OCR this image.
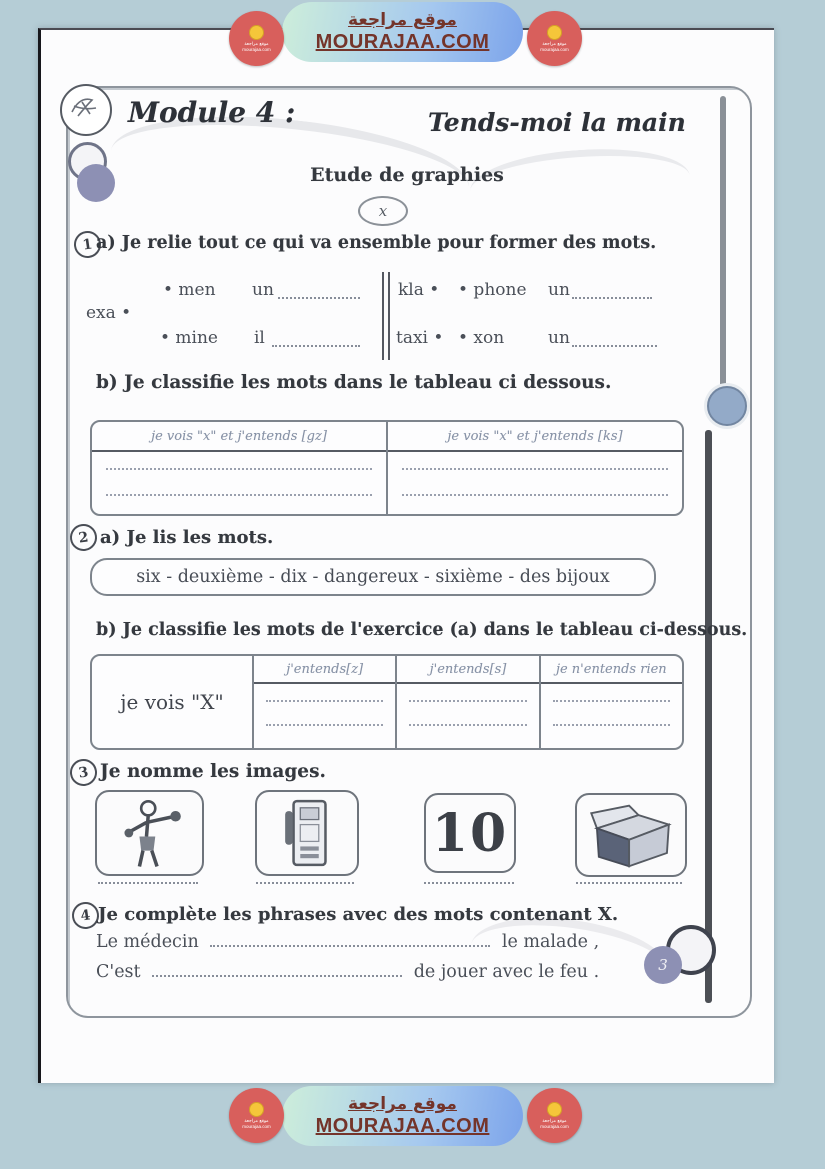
موقع مراجعة
MOURAJAA.COM
موقع مراجعة
mourajaa.com
موقع مراجعة
mourajaa.com
Module 4 :	Tends-moi la main
Etude de graphies
x
1 a) Je relie tout ce qui va ensemble pour former des mots.
exa •
• men un
• mine il
kla • • phone un
taxi • • xon	un
b) Je classifie les mots dans le tableau ci dessous.
je vois "x" et j'entends [gz]	je vois "x" et j'entends [ks]
2 a) Je lis les mots.
six - deuxième - dix - dangereux - sixième - des bijoux
b) Je classifie les mots de l'exercice (a) dans le tableau ci-dessous.
je vois "X"
j'entends[z]	j'entends[s]	je n'entends rien
3 Je nomme les images.
10
4 Je complète les phrases avec des mots contenant X.
Le médecin	le malade ,
C'est	de jouer avec le feu .	3
موقع مراجعة
MOURAJAA.COM
موقع مراجعة
mourajaa.com
موقع مراجعة
mourajaa.com
